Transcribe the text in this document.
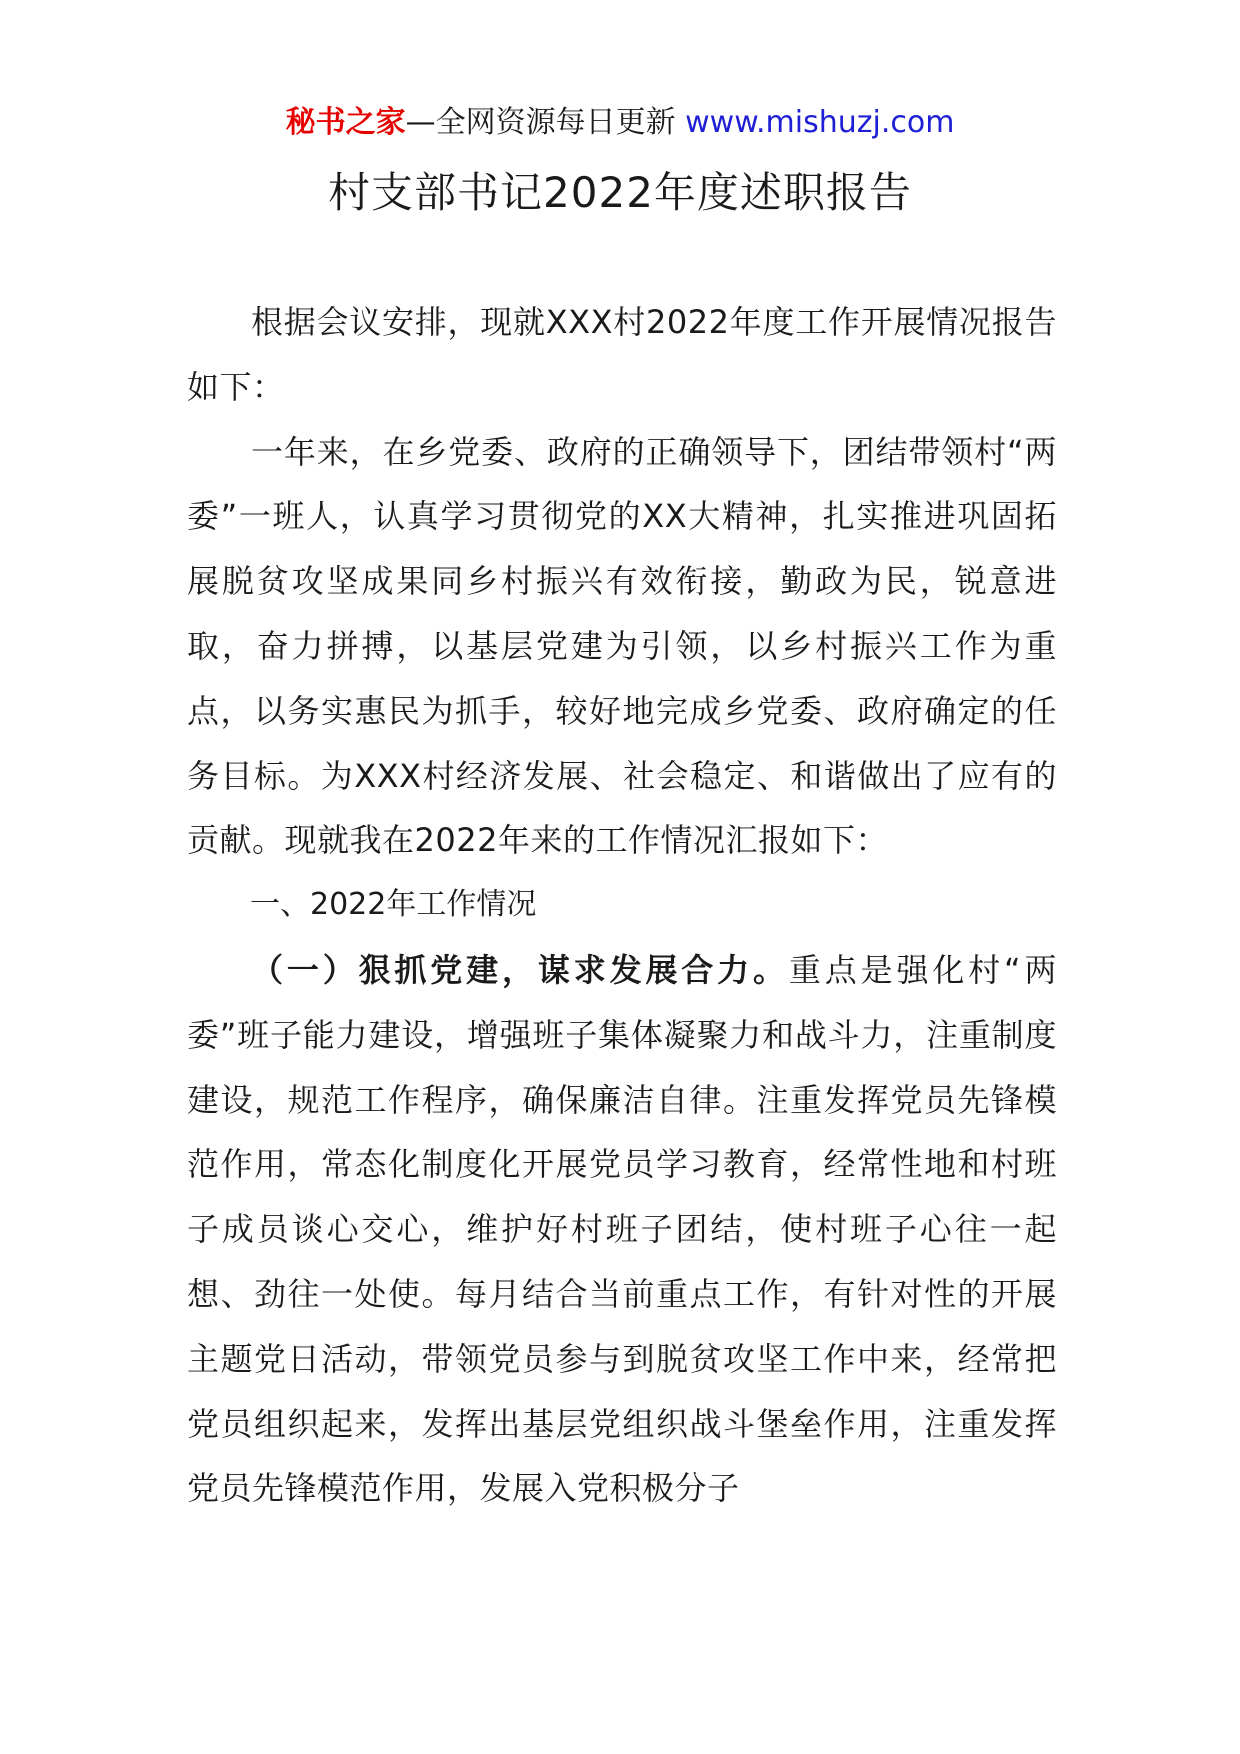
秘书之家—全网资源每日更新 www.mishuzj.com
村支部书记2022年度述职报告

根据会议安排，现就XXX村2022年度工作开展情况报告如下：

一年来，在乡党委、政府的正确领导下，团结带领村“两委”一班人，认真学习贯彻党的XX大精神，扎实推进巩固拓展脱贫攻坚成果同乡村振兴有效衔接，勤政为民，锐意进取，奋力拼搏，以基层党建为引领，以乡村振兴工作为重点，以务实惠民为抓手，较好地完成乡党委、政府确定的任务目标。为XXX村经济发展、社会稳定、和谐做出了应有的贡献。现就我在2022年来的工作情况汇报如下：

一、2022年工作情况

（一）狠抓党建，谋求发展合力。重点是强化村“两委”班子能力建设，增强班子集体凝聚力和战斗力，注重制度建设，规范工作程序，确保廉洁自律。注重发挥党员先锋模范作用，常态化制度化开展党员学习教育，经常性地和村班子成员谈心交心，维护好村班子团结，使村班子心往一起想、劲往一处使。每月结合当前重点工作，有针对性的开展主题党日活动，带领党员参与到脱贫攻坚工作中来，经常把党员组织起来，发挥出基层党组织战斗堡垒作用，注重发挥党员先锋模范作用，发展入党积极分子
